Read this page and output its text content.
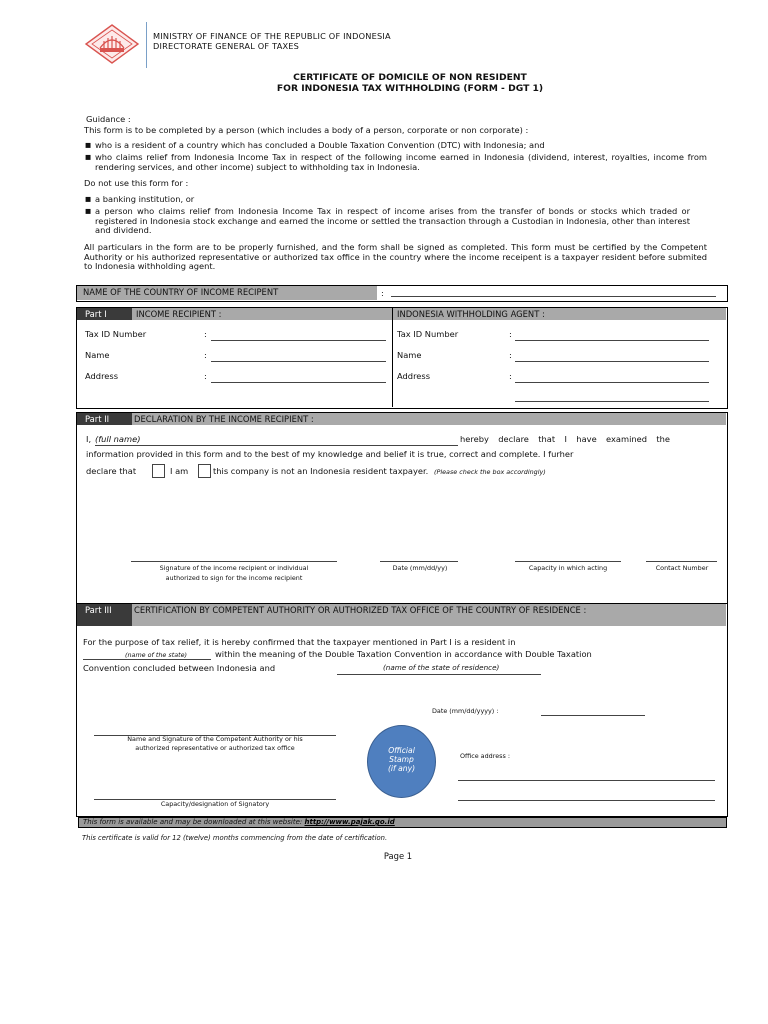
MINISTRY OF FINANCE OF THE REPUBLIC OF INDONESIA
DIRECTORATE GENERAL OF TAXES
CERTIFICATE OF DOMICILE OF NON RESIDENT
FOR INDONESIA TAX WITHHOLDING (FORM - DGT 1)
Guidance :
This form is to be completed by a person (which includes a body of a person, corporate or non corporate) :
■ who is a resident of a country which has concluded a Double Taxation Convention (DTC) with Indonesia; and
■ who claims relief from Indonesia Income Tax in respect of the following income earned in Indonesia (dividend, interest, royalties, income from rendering services, and other income) subject to withholding tax in Indonesia.
Do not use this form for :
■ a banking institution, or
■ a person who claims relief from Indonesia Income Tax in respect of income arises from the transfer of bonds or stocks which traded or registered in Indonesia stock exchange and earned the income or settled the transaction through a Custodian in Indonesia, other than interest and dividend.
All particulars in the form are to be properly furnished, and the form shall be signed as completed. This form must be certified by the Competent Authority or his authorized representative or authorized tax office in the country where the income receipent is a taxpayer resident before submited to Indonesia withholding agent.
NAME OF THE COUNTRY OF INCOME RECIPENT	:
Part I	INCOME RECIPIENT :	INDONESIA WITHHOLDING AGENT :
Tax ID Number	:
Name	:
Address	:
Tax ID Number	:
Name	:
Address	:
Part II	DECLARATION BY THE INCOME RECIPIENT :
I, (full name)	hereby declare that I have examined the
information provided in this form and to the best of my knowledge and belief it is true, correct and complete. I furher
declare that	I am	this company is not an Indonesia resident taxpayer. (Please check the box accordingly)
Signature of the income recipient or individual
authorized to sign for the income recipient
Date (mm/dd/yy)	Capacity in which acting	Contact Number
Part III	CERTIFICATION BY COMPETENT AUTHORITY OR AUTHORIZED TAX OFFICE OF THE COUNTRY OF RESIDENCE :
For the purpose of tax relief, it is hereby confirmed that the taxpayer mentioned in Part I is a resident in
(name of the state)	within the meaning of the Double Taxation Convention in accordance with Double Taxation
Convention concluded between Indonesia and	(name of the state of residence)
Date (mm/dd/yyyy) :
Name and Signature of the Competent Authority or his
authorized representative or authorized tax office
Office address :
Capacity/designation of Signatory
Official
Stamp
(if any)
This form is available and may be downloaded at this website: http://www.pajak.go.id
This certificate is valid for 12 (twelve) months commencing from the date of certification.
Page 1
